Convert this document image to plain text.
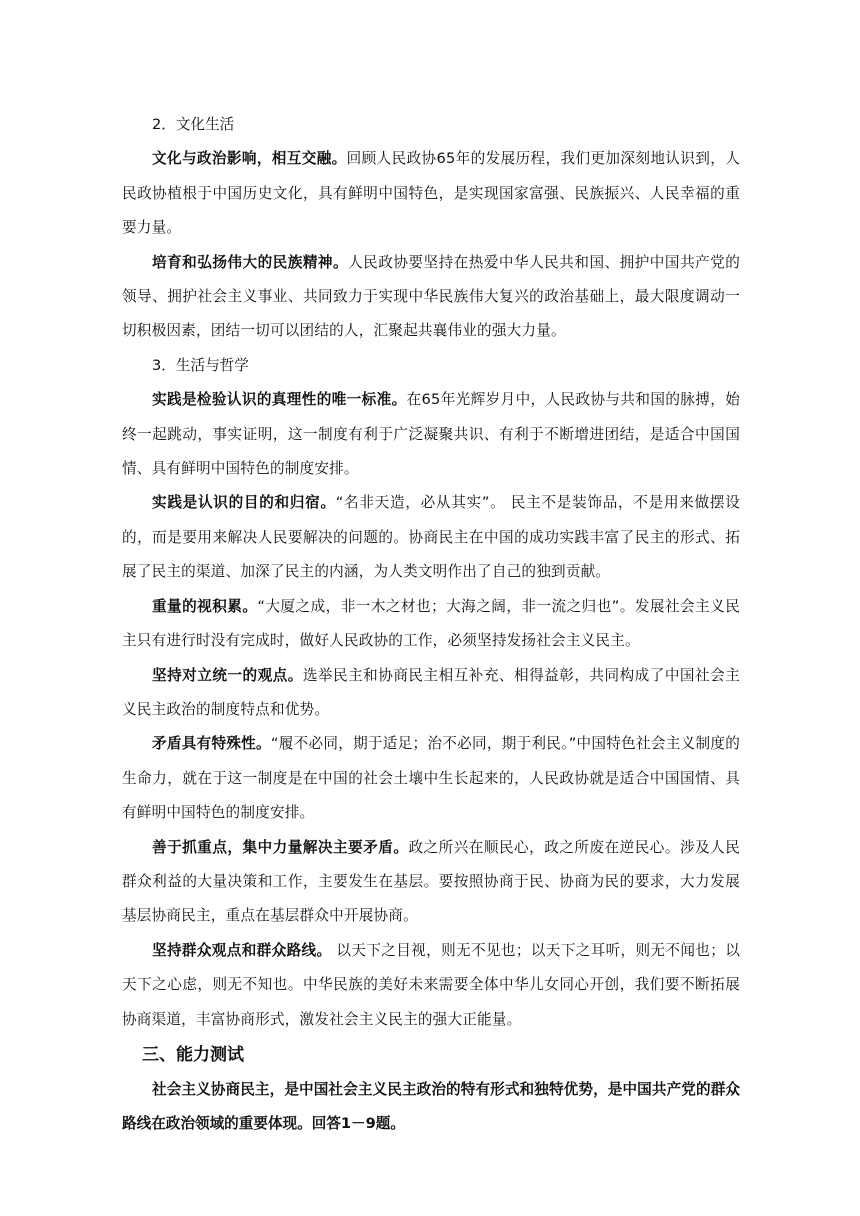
2．文化生活

文化与政治影响，相互交融。回顾人民政协65年的发展历程，我们更加深刻地认识到，人民政协植根于中国历史文化，具有鲜明中国特色，是实现国家富强、民族振兴、人民幸福的重要力量。

培育和弘扬伟大的民族精神。人民政协要坚持在热爱中华人民共和国、拥护中国共产党的领导、拥护社会主义事业、共同致力于实现中华民族伟大复兴的政治基础上，最大限度调动一切积极因素，团结一切可以团结的人，汇聚起共襄伟业的强大力量。

3．生活与哲学

实践是检验认识的真理性的唯一标准。在65年光辉岁月中，人民政协与共和国的脉搏，始终一起跳动，事实证明，这一制度有利于广泛凝聚共识、有利于不断增进团结，是适合中国国情、具有鲜明中国特色的制度安排。

实践是认识的目的和归宿。“名非天造，必从其实”。 民主不是装饰品，不是用来做摆设的，而是要用来解决人民要解决的问题的。协商民主在中国的成功实践丰富了民主的形式、拓展了民主的渠道、加深了民主的内涵，为人类文明作出了自己的独到贡献。

重量的视积累。“大厦之成，非一木之材也；大海之阔，非一流之归也”。发展社会主义民主只有进行时没有完成时，做好人民政协的工作，必须坚持发扬社会主义民主。

坚持对立统一的观点。选举民主和协商民主相互补充、相得益彰，共同构成了中国社会主义民主政治的制度特点和优势。

矛盾具有特殊性。“履不必同，期于适足；治不必同，期于利民。”中国特色社会主义制度的生命力，就在于这一制度是在中国的社会土壤中生长起来的，人民政协就是适合中国国情、具有鲜明中国特色的制度安排。

善于抓重点，集中力量解决主要矛盾。政之所兴在顺民心，政之所废在逆民心。涉及人民群众利益的大量决策和工作，主要发生在基层。要按照协商于民、协商为民的要求，大力发展基层协商民主，重点在基层群众中开展协商。

坚持群众观点和群众路线。 以天下之目视，则无不见也；以天下之耳听，则无不闻也；以天下之心虑，则无不知也。中华民族的美好未来需要全体中华儿女同心开创，我们要不断拓展协商渠道，丰富协商形式，激发社会主义民主的强大正能量。

三、能力测试

社会主义协商民主，是中国社会主义民主政治的特有形式和独特优势，是中国共产党的群众路线在政治领域的重要体现。回答1－9题。
